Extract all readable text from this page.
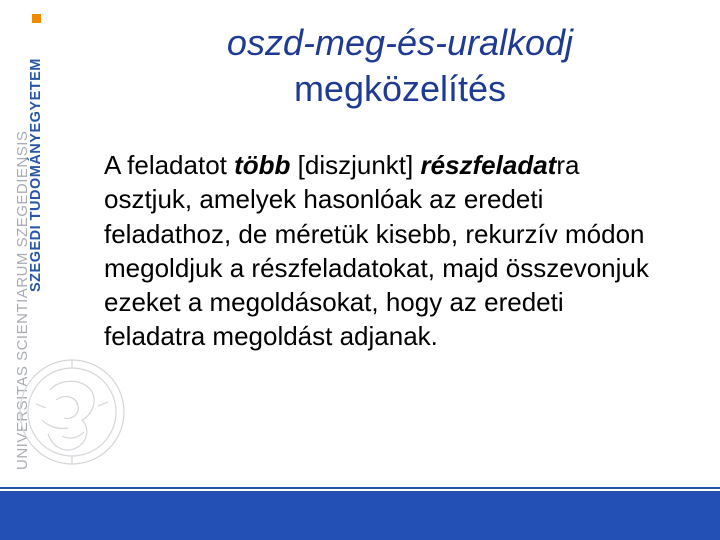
UNIVERSITAS SCIENTIARUM SZEGEDIENSIS
SZEGEDI TUDOMÁNYEGYETEM
oszd-meg-és-uralkodj
megközelítés
A feladatot több [diszjunkt] részfeladatra osztjuk, amelyek hasonlóak az eredeti feladathoz, de méretük kisebb, rekurzív módon megoldjuk a részfeladatokat, majd összevonjuk ezeket a megoldásokat, hogy az eredeti feladatra megoldást adjanak.
